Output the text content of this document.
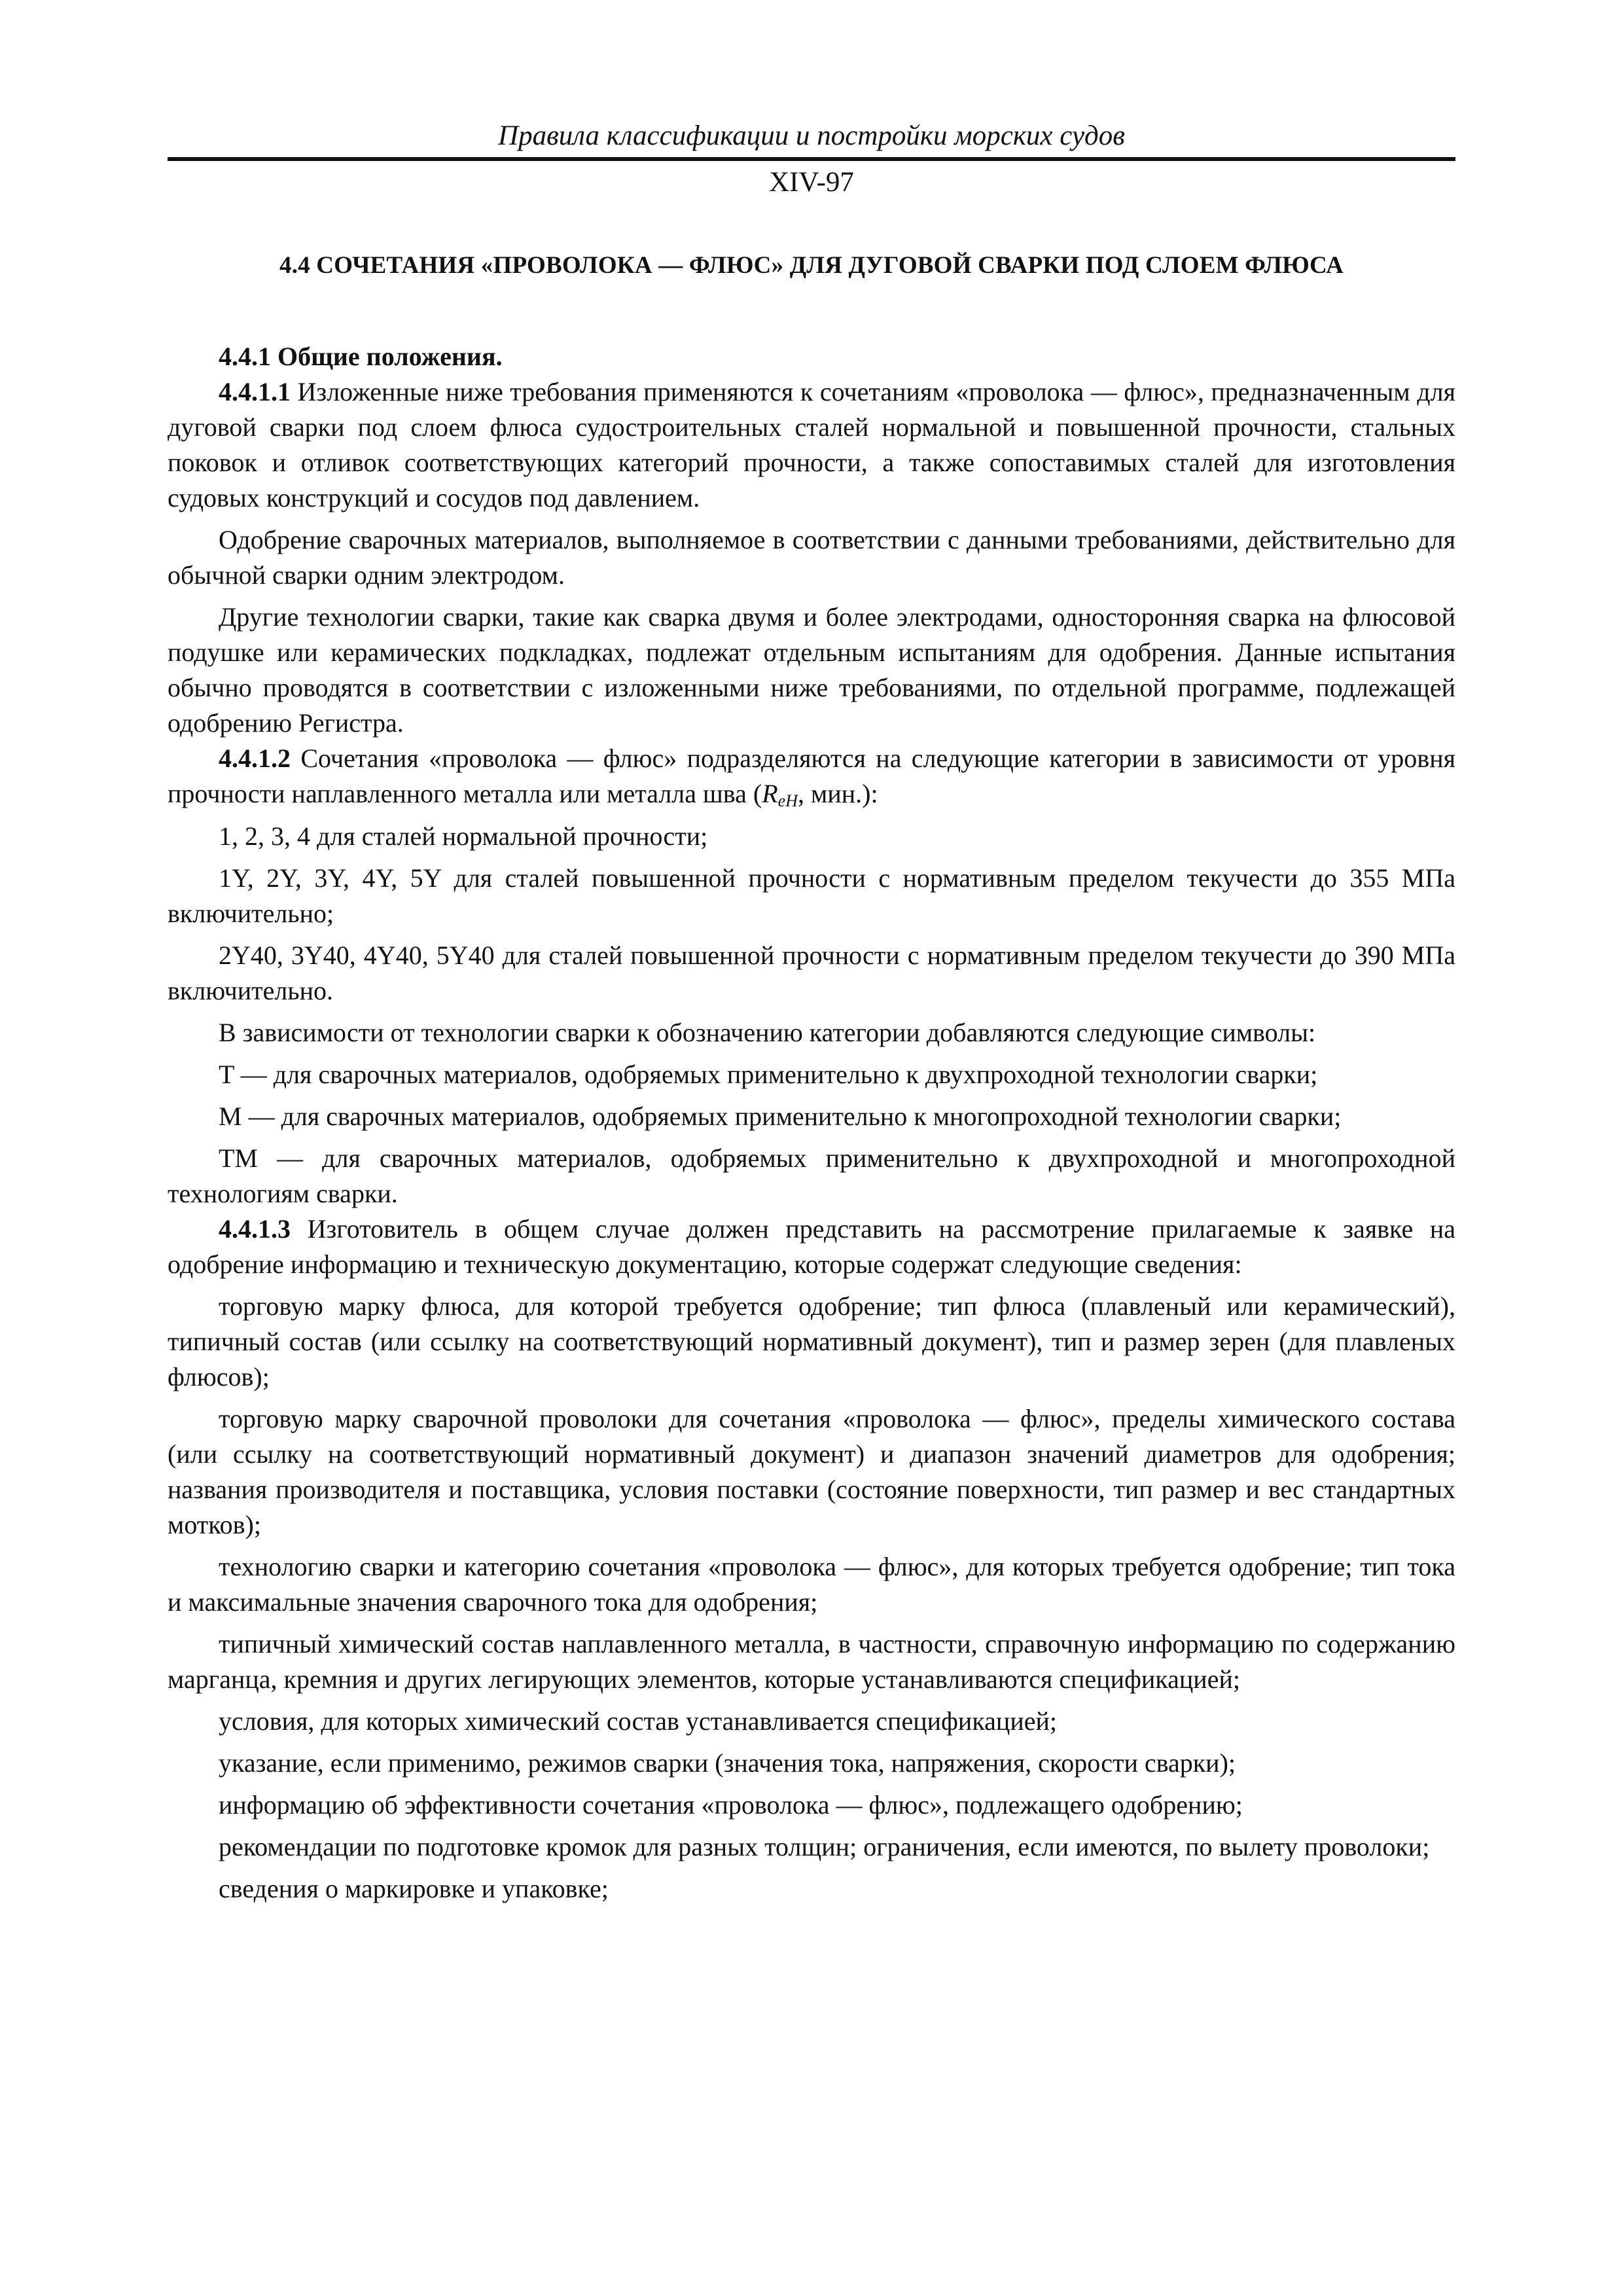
Правила классификации и постройки морских судов
XIV-97
4.4 СОЧЕТАНИЯ «ПРОВОЛОКА — ФЛЮС» ДЛЯ ДУГОВОЙ СВАРКИ ПОД СЛОЕМ ФЛЮСА
4.4.1 Общие положения.

4.4.1.1 Изложенные ниже требования применяются к сочетаниям «проволока — флюс», предназначенным для дуговой сварки под слоем флюса судостроительных сталей нормальной и повышенной прочности, стальных поковок и отливок соответствующих категорий прочности, а также сопоставимых сталей для изготовления судовых конструкций и сосудов под давлением.

Одобрение сварочных материалов, выполняемое в соответствии с данными требованиями, действительно для обычной сварки одним электродом.

Другие технологии сварки, такие как сварка двумя и более электродами, односторонняя сварка на флюсовой подушке или керамических подкладках, подлежат отдельным испытаниям для одобрения. Данные испытания обычно проводятся в соответствии с изложенными ниже требованиями, по отдельной программе, подлежащей одобрению Регистра.

4.4.1.2 Сочетания «проволока — флюс» подразделяются на следующие категории в зависимости от уровня прочности наплавленного металла или металла шва ($R_{eH}$, мин.):

1, 2, 3, 4 для сталей нормальной прочности;

1Y, 2Y, 3Y, 4Y, 5Y для сталей повышенной прочности с нормативным пределом текучести до 355 МПа включительно;

2Y40, 3Y40, 4Y40, 5Y40 для сталей повышенной прочности с нормативным пределом текучести до 390 МПа включительно.

В зависимости от технологии сварки к обозначению категории добавляются следующие символы:

T — для сварочных материалов, одобряемых применительно к двухпроходной технологии сварки;

M — для сварочных материалов, одобряемых применительно к многопроходной технологии сварки;

TM — для сварочных материалов, одобряемых применительно к двухпроходной и многопроходной технологиям сварки.

4.4.1.3 Изготовитель в общем случае должен представить на рассмотрение прилагаемые к заявке на одобрение информацию и техническую документацию, которые содержат следующие сведения:

торговую марку флюса, для которой требуется одобрение; тип флюса (плавленый или керамический), типичный состав (или ссылку на соответствующий нормативный документ), тип и размер зерен (для плавленых флюсов);

торговую марку сварочной проволоки для сочетания «проволока — флюс», пределы химического состава (или ссылку на соответствующий нормативный документ) и диапазон значений диаметров для одобрения; названия производителя и поставщика, условия поставки (состояние поверхности, тип размер и вес стандартных мотков);

технологию сварки и категорию сочетания «проволока — флюс», для которых требуется одобрение; тип тока и максимальные значения сварочного тока для одобрения;

типичный химический состав наплавленного металла, в частности, справочную информацию по содержанию марганца, кремния и других легирующих элементов, которые устанавливаются спецификацией;

условия, для которых химический состав устанавливается спецификацией;

указание, если применимо, режимов сварки (значения тока, напряжения, скорости сварки);

информацию об эффективности сочетания «проволока — флюс», подлежащего одобрению;

рекомендации по подготовке кромок для разных толщин; ограничения, если имеются, по вылету проволоки;

сведения о маркировке и упаковке;
